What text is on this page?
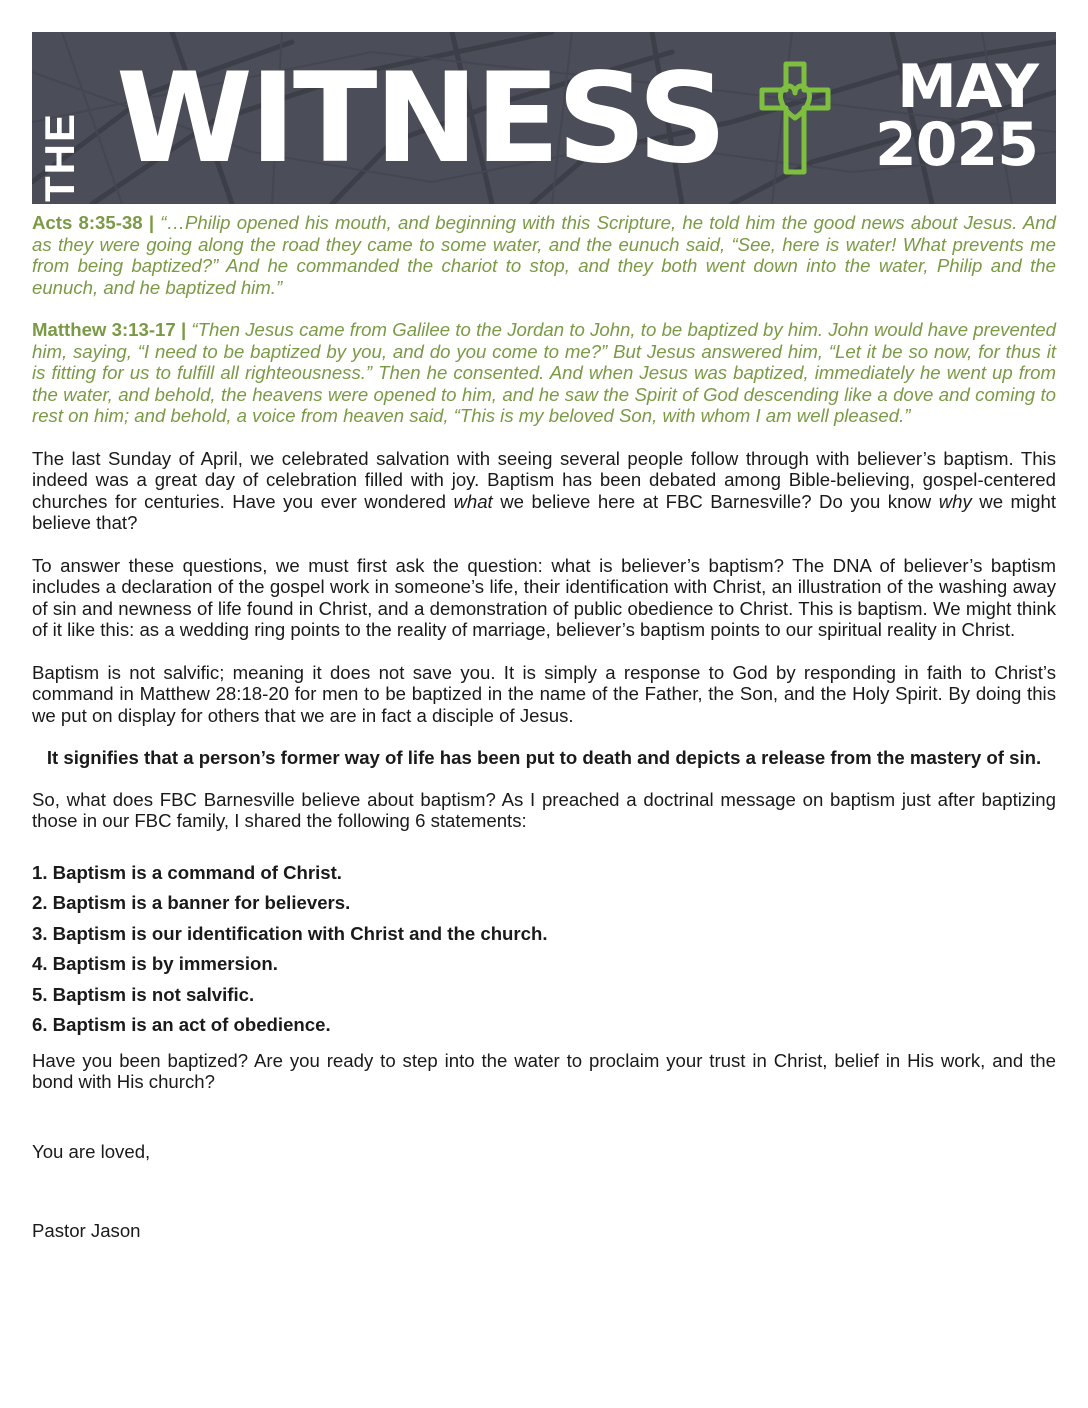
THE WITNESS	MAY
2025

Acts 8:35-38 | “…Philip opened his mouth, and beginning with this Scripture, he told him the good news about Jesus. And as they were going along the road they came to some water, and the eunuch said, “See, here is water! What prevents me from being baptized?” And he commanded the chariot to stop, and they both went down into the water, Philip and the eunuch, and he baptized him.”

Matthew 3:13-17 | “Then Jesus came from Galilee to the Jordan to John, to be baptized by him. John would have prevented him, saying, “I need to be baptized by you, and do you come to me?” But Jesus answered him, “Let it be so now, for thus it is fitting for us to fulfill all righteousness.” Then he consented. And when Jesus was baptized, immediately he went up from the water, and behold, the heavens were opened to him, and he saw the Spirit of God descending like a dove and coming to rest on him; and behold, a voice from heaven said, “This is my beloved Son, with whom I am well pleased.”

The last Sunday of April, we celebrated salvation with seeing several people follow through with believer’s baptism. This indeed was a great day of celebration filled with joy. Baptism has been debated among Bible-believing, gospel-centered churches for centuries. Have you ever wondered what we believe here at FBC Barnesville? Do you know why we might believe that?

To answer these questions, we must first ask the question: what is believer’s baptism? The DNA of believer’s baptism includes a declaration of the gospel work in someone’s life, their identification with Christ, an illustration of the washing away of sin and newness of life found in Christ, and a demonstration of public obedience to Christ. This is baptism. We might think of it like this: as a wedding ring points to the reality of marriage, believer’s baptism points to our spiritual reality in Christ.

Baptism is not salvific; meaning it does not save you. It is simply a response to God by responding in faith to Christ’s command in Matthew 28:18-20 for men to be baptized in the name of the Father, the Son, and the Holy Spirit. By doing this we put on display for others that we are in fact a disciple of Jesus.

It signifies that a person’s former way of life has been put to death and depicts a release from the mastery of sin.

So, what does FBC Barnesville believe about baptism? As I preached a doctrinal message on baptism just after baptizing those in our FBC family, I shared the following 6 statements:

1. Baptism is a command of Christ.
2. Baptism is a banner for believers.
3. Baptism is our identification with Christ and the church.
4. Baptism is by immersion.
5. Baptism is not salvific.
6. Baptism is an act of obedience.

Have you been baptized? Are you ready to step into the water to proclaim your trust in Christ, belief in His work, and the bond with His church?

You are loved,

Pastor Jason
